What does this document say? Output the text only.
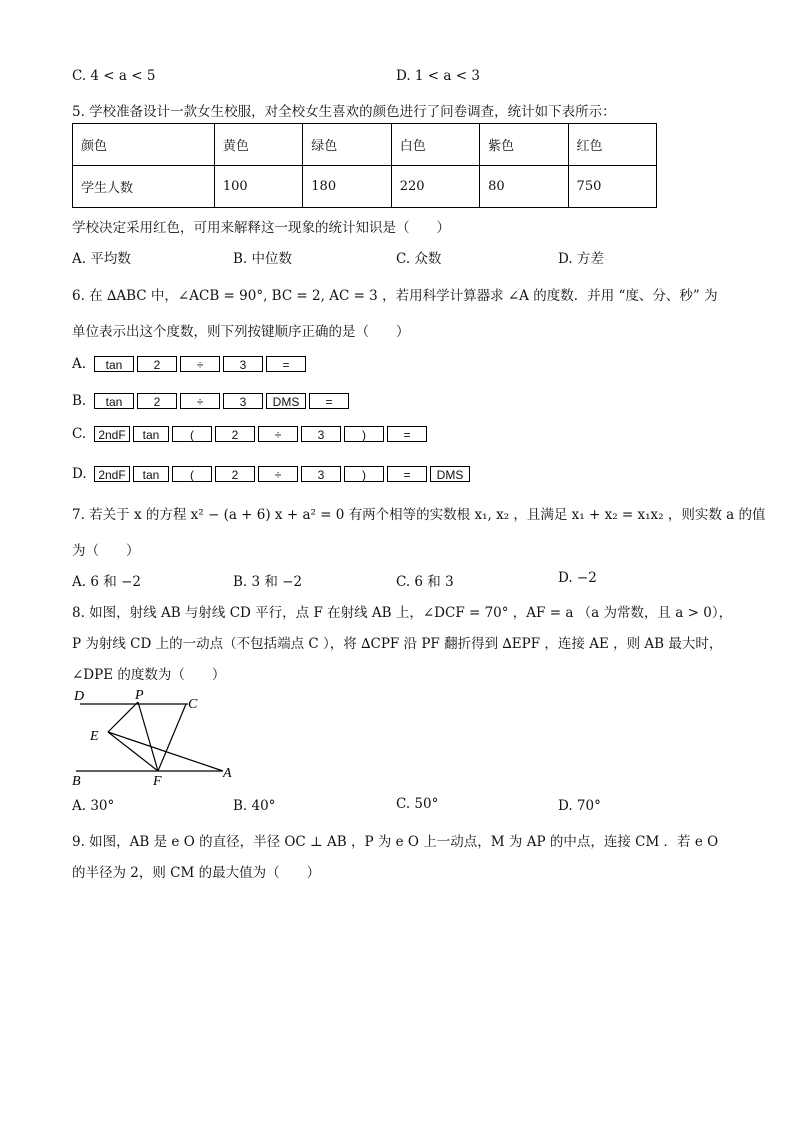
C. 4 < a < 5	D. 1 < a < 3
5. 学校准备设计一款女生校服，对全校女生喜欢的颜色进行了问卷调查，统计如下表所示：
颜色	黄色	绿色	白色	紫色	红色
学生人数	100	180	220	80	750
学校决定采用红色，可用来解释这一现象的统计知识是（　　）
A. 平均数	B. 中位数	C. 众数	D. 方差
6. 在 ∆ABC 中，∠ACB = 90°, BC = 2, AC = 3 ，若用科学计算器求 ∠A 的度数．并用 “度、分、秒” 为
单位表示出这个度数，则下列按键顺序正确的是（　　）
A.	tan	2	÷	3	=
B.	tan	2	÷	3	DMS	=
C.	2ndF	tan	(	2	÷	3	)	=
D. 2ndF	tan	(	2	÷	3	)	=	DMS
7. 若关于 x 的方程 x² − (a + 6) x + a² = 0 有两个相等的实数根 x₁, x₂ ，且满足 x₁ + x₂ = x₁x₂ ，则实数 a 的值
为（　　）
A. 6 和 −2	B. 3 和 −2	C. 6 和 3	D. −2
8. 如图，射线 AB 与射线 CD 平行，点 F 在射线 AB 上，∠DCF = 70° ，AF = a （a 为常数，且 a > 0），
P 为射线 CD 上的一动点（不包括端点 C ），将 ∆CPF 沿 PF 翻折得到 ∆EPF ，连接 AE ，则 AB 最大时，
∠DPE 的度数为（　　）
D	P
C
E
B	F
A
A. 30°	B. 40°	C. 50°	D. 70°
9. 如图，AB 是 e O 的直径，半径 OC ⊥ AB ，P 为 e O 上一动点，M 为 AP 的中点，连接 CM ．若 e O
的半径为 2，则 CM 的最大值为（　　）
